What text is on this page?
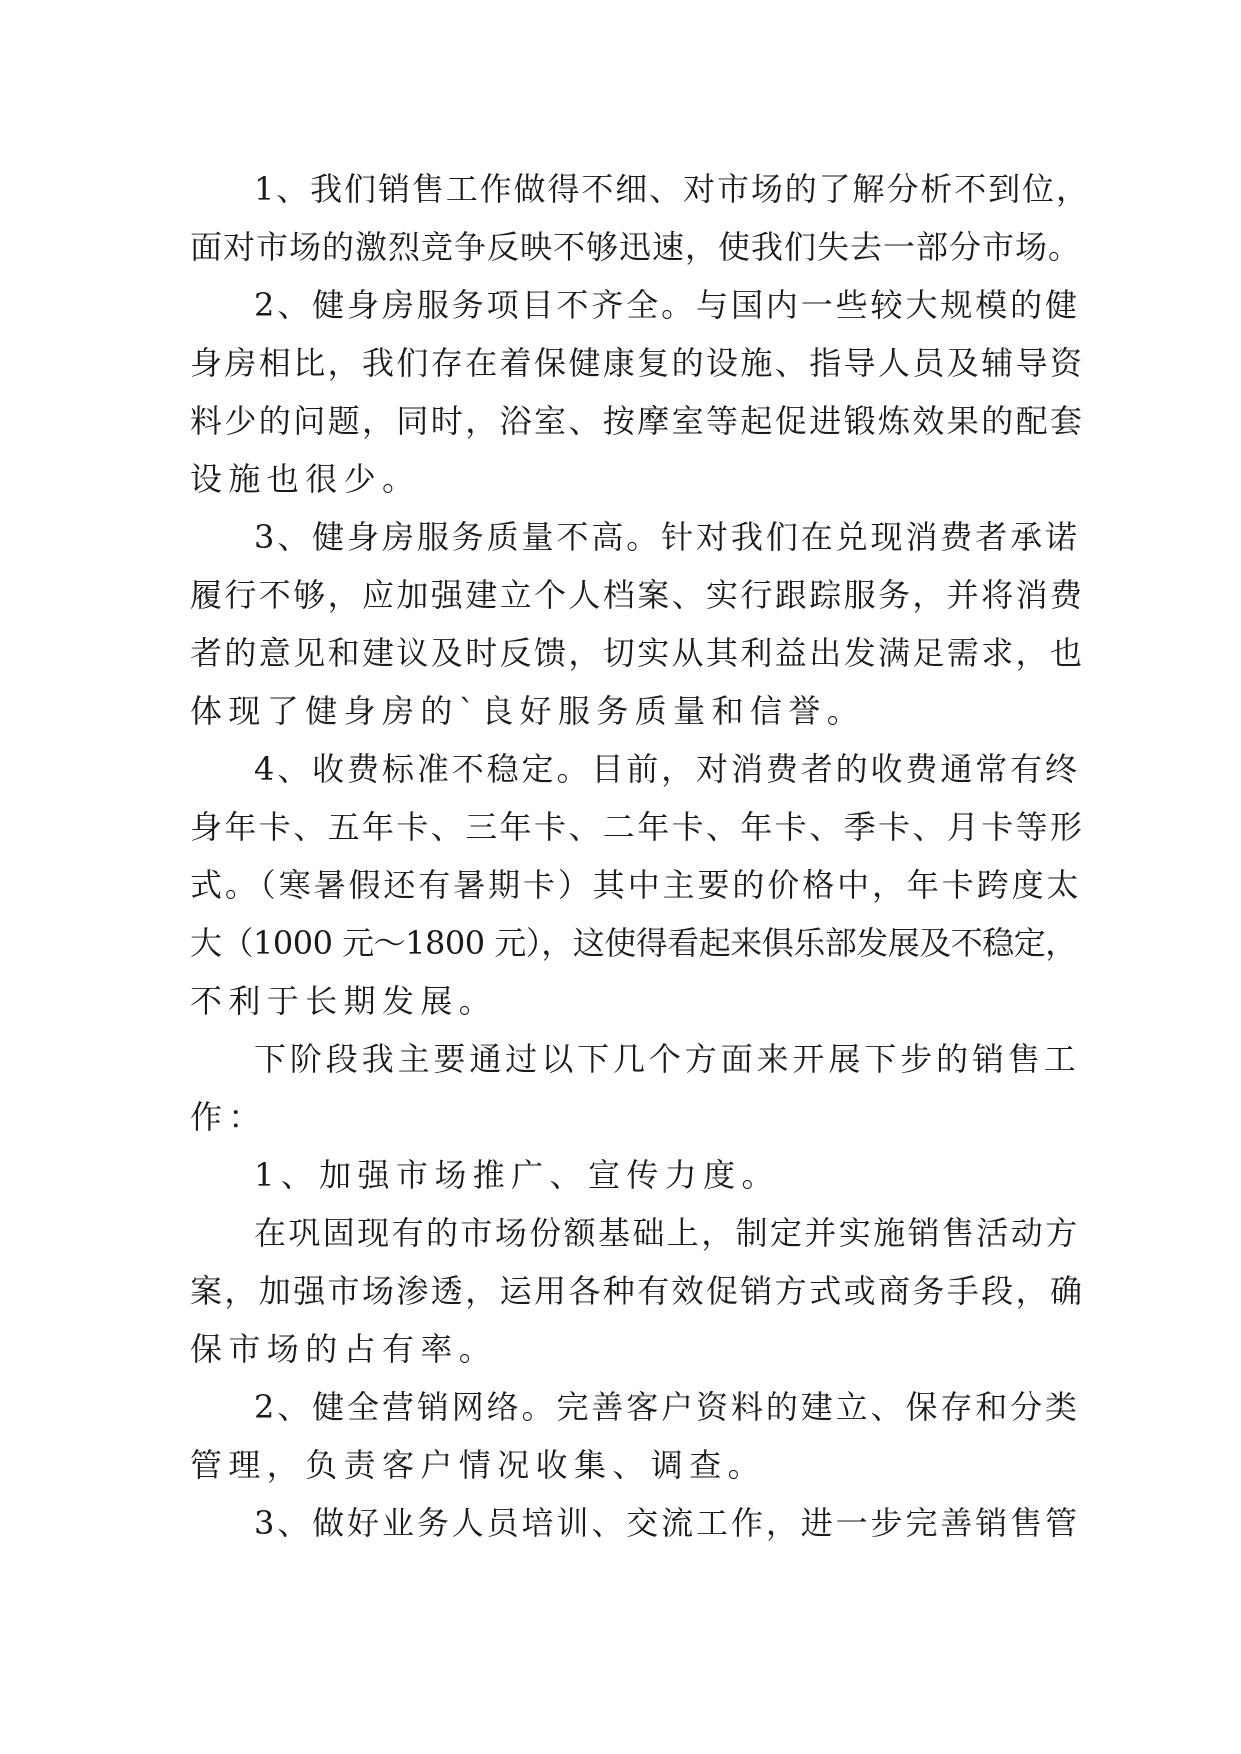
1、我们销售工作做得不细、对市场的了解分析不到位，
面对市场的激烈竞争反映不够迅速，使我们失去一部分市场。
2、健身房服务项目不齐全。与国内一些较大规模的健
身房相比，我们存在着保健康复的设施、指导人员及辅导资
料少的问题，同时，浴室、按摩室等起促进锻炼效果的配套
设施也很少。
3、健身房服务质量不高。针对我们在兑现消费者承诺
履行不够，应加强建立个人档案、实行跟踪服务，并将消费
者的意见和建议及时反馈，切实从其利益出发满足需求，也
体现了健身房的`良好服务质量和信誉。
4、收费标准不稳定。目前，对消费者的收费通常有终
身年卡、五年卡、三年卡、二年卡、年卡、季卡、月卡等形
式。（寒暑假还有暑期卡）其中主要的价格中，年卡跨度太
大（1000 元～1800 元），这使得看起来俱乐部发展及不稳定，
不利于长期发展。
下阶段我主要通过以下几个方面来开展下步的销售工
作：
1、加强市场推广、宣传力度。
在巩固现有的市场份额基础上，制定并实施销售活动方
案，加强市场渗透，运用各种有效促销方式或商务手段，确
保市场的占有率。
2、健全营销网络。完善客户资料的建立、保存和分类
管理，负责客户情况收集、调查。
3、做好业务人员培训、交流工作，进一步完善销售管
